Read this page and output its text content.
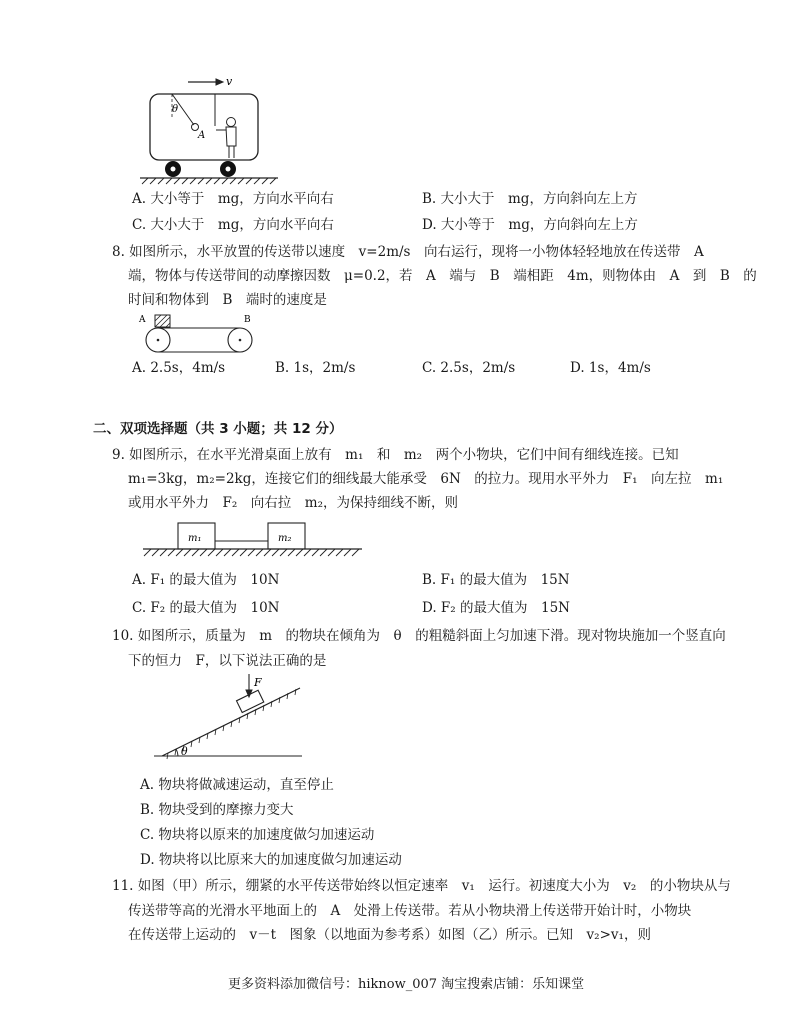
v
θ
A
A. 大小等于　mg，方向水平向右	B. 大小大于　mg，方向斜向左上方
C. 大小大于　mg，方向水平向右	D. 大小等于　mg，方向斜向左上方
8. 如图所示，水平放置的传送带以速度　v=2m/s　向右运行，现将一小物体轻轻地放在传送带　A
端，物体与传送带间的动摩擦因数　μ=0.2，若　A　端与　B　端相距　4m，则物体由　A　到　B　的
时间和物体到　B　端时的速度是
A	B
A. 2.5s，4m/s	B. 1s，2m/s	C. 2.5s，2m/s	D. 1s，4m/s
二、双项选择题（共 3 小题；共 12 分）
9. 如图所示，在水平光滑桌面上放有　m₁　和　m₂　两个小物块，它们中间有细线连接。已知
m₁=3kg，m₂=2kg，连接它们的细线最大能承受　6N　的拉力。现用水平外力　F₁　向左拉　m₁
或用水平外力　F₂　向右拉　m₂，为保持细线不断，则
m₁	m₂
A. F₁ 的最大值为　10N	B. F₁ 的最大值为　15N
C. F₂ 的最大值为　10N	D. F₂ 的最大值为　15N
10. 如图所示，质量为　m　的物块在倾角为　θ　的粗糙斜面上匀加速下滑。现对物块施加一个竖直向
下的恒力　F，以下说法正确的是
θ
F
A. 物块将做减速运动，直至停止
B. 物块受到的摩擦力变大
C. 物块将以原来的加速度做匀加速运动
D. 物块将以比原来大的加速度做匀加速运动
11. 如图（甲）所示，绷紧的水平传送带始终以恒定速率　v₁　运行。初速度大小为　v₂　的小物块从与
传送带等高的光滑水平地面上的　A　处滑上传送带。若从小物块滑上传送带开始计时，小物块
在传送带上运动的　v－t　图象（以地面为参考系）如图（乙）所示。已知　v₂>v₁，则
更多资料添加微信号：hiknow_007 淘宝搜索店铺：乐知课堂
